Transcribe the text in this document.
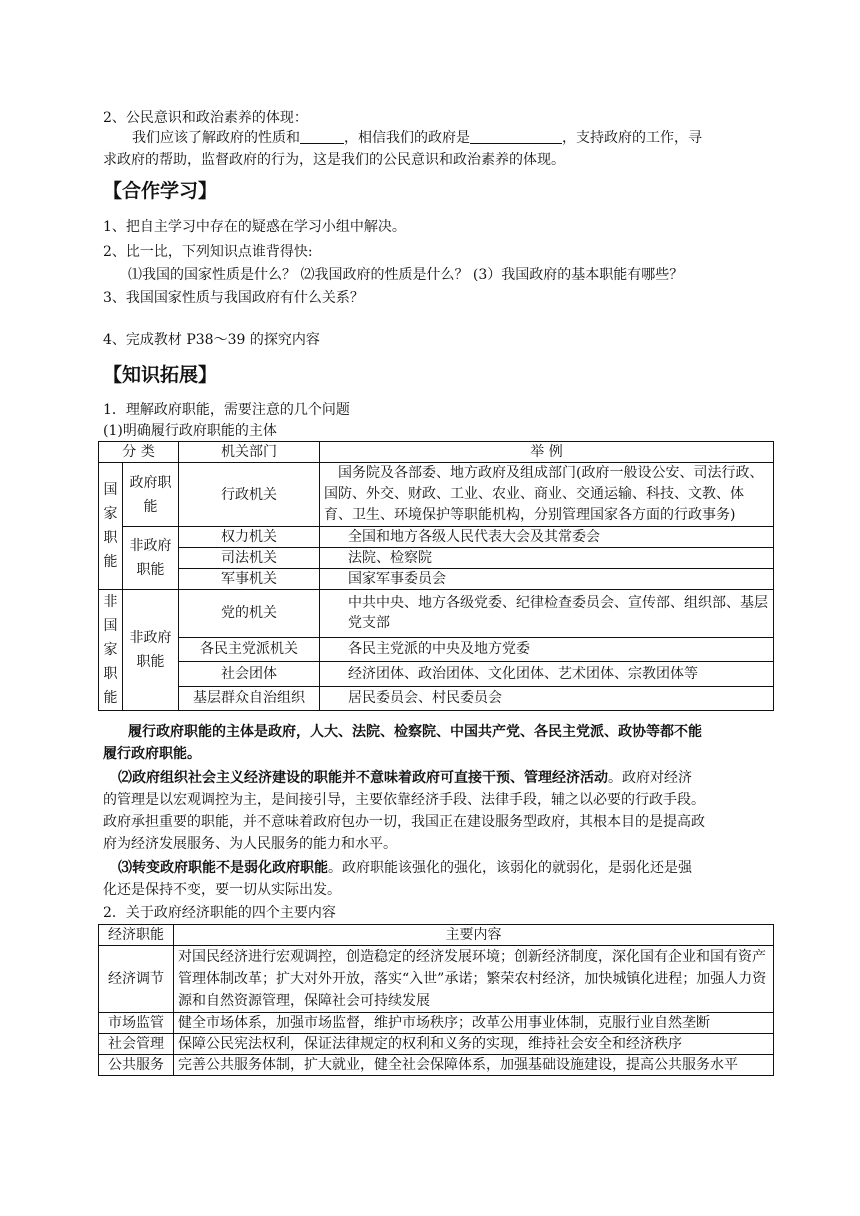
2、公民意识和政治素养的体现：
我们应该了解政府的性质和	，相信我们的政府是	，支持政府的工作，寻
求政府的帮助，监督政府的行为，这是我们的公民意识和政治素养的体现。
【合作学习】
1、把自主学习中存在的疑惑在学习小组中解决。
2、比一比，下列知识点谁背得快:
⑴我国的国家性质是什么？ ⑵我国政府的性质是什么？ (3）我国政府的基本职能有哪些？
3、我国国家性质与我国政府有什么关系？
4、完成教材 P38～39 的探究内容
【知识拓展】
1．理解政府职能，需要注意的几个问题
(1)明确履行政府职能的主体
分 类		机关部门	举 例
国家职能	政府职能	行政机关	国务院及各部委、地方政府及组成部门(政府一般设公安、司法行政、国防、外交、财政、工业、农业、商业、交通运输、科技、文教、体育、卫生、环境保护等职能机构，分别管理国家各方面的行政事务)
	非政府职能	权力机关	全国和地方各级人民代表大会及其常委会
		司法机关	法院、检察院
		军事机关	国家军事委员会
非国家职能	非政府职能	党的机关	中共中央、地方各级党委、纪律检查委员会、宣传部、组织部、基层党支部
		各民主党派机关	各民主党派的中央及地方党委
		社会团体	经济团体、政治团体、文化团体、艺术团体、宗教团体等
		基层群众自治组织	居民委员会、村民委员会
履行政府职能的主体是政府，人大、法院、检察院、中国共产党、各民主党派、政协等都不能
履行政府职能。
⑵政府组织社会主义经济建设的职能并不意味着政府可直接干预、管理经济活动。政府对经济
的管理是以宏观调控为主，是间接引导，主要依靠经济手段、法律手段，辅之以必要的行政手段。
政府承担重要的职能，并不意味着政府包办一切，我国正在建设服务型政府，其根本目的是提高政
府为经济发展服务、为人民服务的能力和水平。
⑶转变政府职能不是弱化政府职能。政府职能该强化的强化，该弱化的就弱化，是弱化还是强
化还是保持不变，要一切从实际出发。
2．关于政府经济职能的四个主要内容
经济职能	主要内容
经济调节	对国民经济进行宏观调控，创造稳定的经济发展环境；创新经济制度，深化国有企业和国有资产管理体制改革；扩大对外开放，落实“入世”承诺；繁荣农村经济，加快城镇化进程；加强人力资源和自然资源管理，保障社会可持续发展
市场监管	健全市场体系，加强市场监督，维护市场秩序；改革公用事业体制，克服行业自然垄断
社会管理	保障公民宪法权利，保证法律规定的权利和义务的实现，维持社会安全和经济秩序
公共服务	完善公共服务体制，扩大就业，健全社会保障体系，加强基础设施建设，提高公共服务水平
